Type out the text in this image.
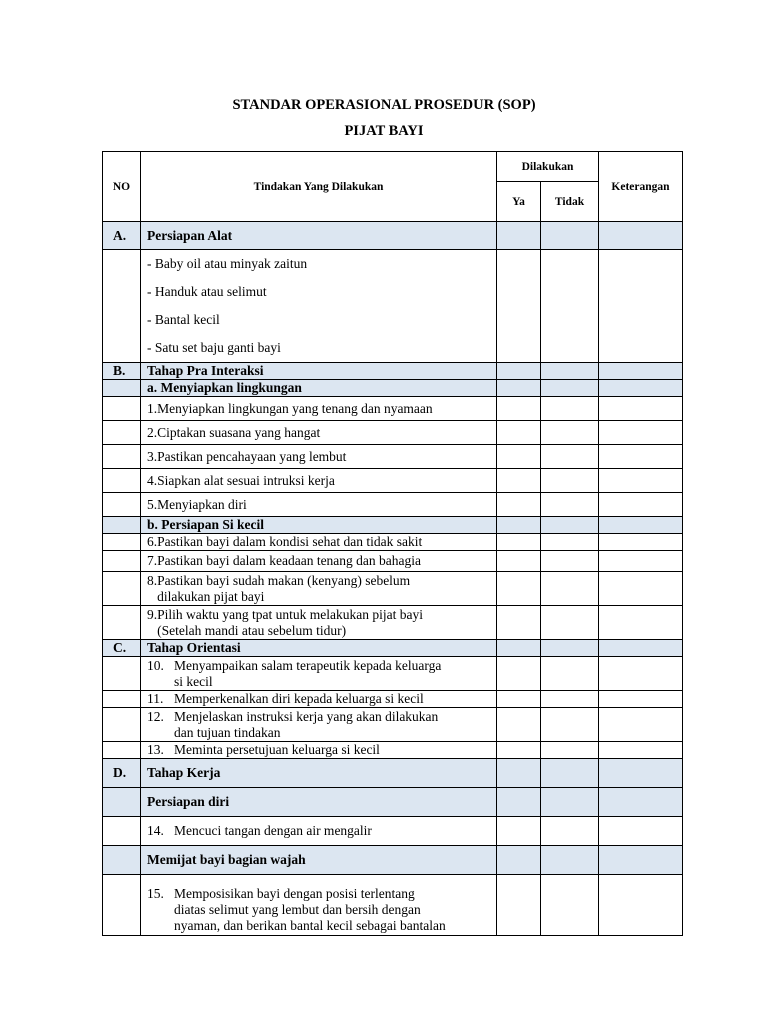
STANDAR OPERASIONAL PROSEDUR (SOP)
PIJAT BAYI
NO	Tindakan Yang Dilakukan	Dilakukan		Keterangan
		Ya	Tidak	
A.	Persiapan Alat			

	- Baby oil atau minyak zaitun
- Handuk atau selimut
- Bantal kecil
- Satu set baju ganti bayi			

B.	Tahap Pra Interaksi			
	a. Menyiapkan lingkungan			

	1. Menyiapkan lingkungan yang tenang dan nyamaan			

	2. Ciptakan suasana yang hangat			

	3. Pastikan pencahayaan yang lembut			

	4. Siapkan alat sesuai intruksi kerja			

	5. Menyiapkan diri			

	b. Persiapan Si kecil			

	6. Pastikan bayi dalam kondisi sehat dan tidak sakit			

	7. Pastikan bayi dalam keadaan tenang dan bahagia			

	8. Pastikan bayi sudah makan (kenyang) sebelum
dilakukan pijat bayi			

	9. Pilih waktu yang tpat untuk melakukan pijat bayi
(Setelah mandi atau sebelum tidur)			

C.	Tahap Orientasi			

	10. Menyampaikan salam terapeutik kepada keluarga
si kecil			

	11. Memperkenalkan diri kepada keluarga si kecil			

	12. Menjelaskan instruksi kerja yang akan dilakukan
dan tujuan tindakan			

	13. Meminta persetujuan keluarga si kecil			

D.	Tahap Kerja			
	Persiapan diri			

	14. Mencuci tangan dengan air mengalir			

	Memijat bayi bagian wajah			

	15. Memposisikan bayi dengan posisi terlentang
diatas selimut yang lembut dan bersih dengan
nyaman, dan berikan bantal kecil sebagai bantalan			
